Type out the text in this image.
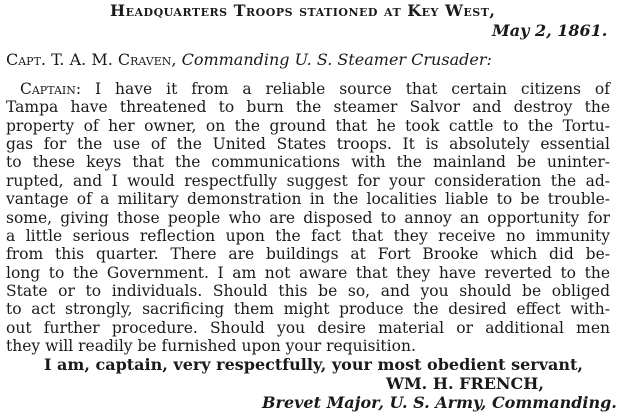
Headquarters Troops stationed at Key West,
May 2, 1861.
Capt. T. A. M. Craven, Commanding U. S. Steamer Crusader:
Captain: I have it from a reliable source that certain citizens of
Tampa have threatened to burn the steamer Salvor and destroy the
property of her owner, on the ground that he took cattle to the Tortu-
gas for the use of the United States troops. It is absolutely essential
to these keys that the communications with the mainland be uninter-
rupted, and I would respectfully suggest for your consideration the ad-
vantage of a military demonstration in the localities liable to be trouble-
some, giving those people who are disposed to annoy an opportunity for
a little serious reflection upon the fact that they receive no immunity
from this quarter. There are buildings at Fort Brooke which did be-
long to the Government. I am not aware that they have reverted to the
State or to individuals. Should this be so, and you should be obliged
to act strongly, sacrificing them might produce the desired effect with-
out further procedure. Should you desire material or additional men
they will readily be furnished upon your requisition.
I am, captain, very respectfully, your most obedient servant,
WM. H. FRENCH,
Brevet Major, U. S. Army, Commanding.
